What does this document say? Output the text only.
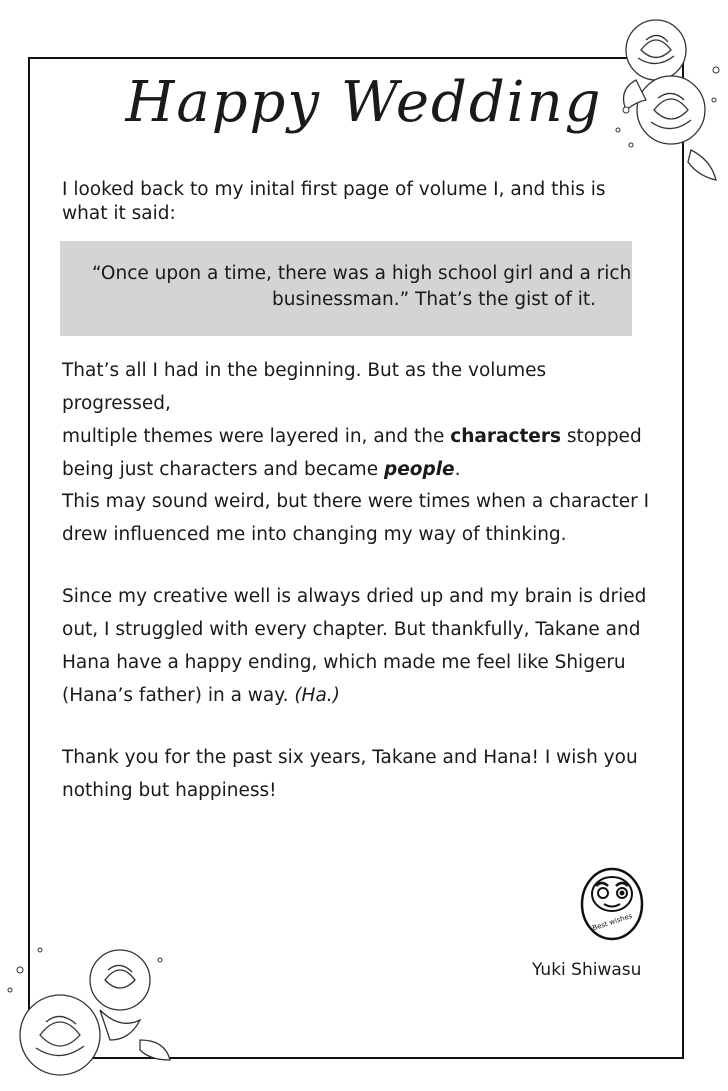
Happy Wedding

I looked back to my inital first page of volume I, and this is
what it said:

“Once upon a time, there was a high school girl and a rich
businessman.” That’s the gist of it.

That’s all I had in the beginning. But as the volumes progressed,
multiple themes were layered in, and the characters stopped
being just characters and became people.

This may sound weird, but there were times when a character I
drew influenced me into changing my way of thinking.

Since my creative well is always dried up and my brain is dried
out, I struggled with every chapter. But thankfully, Takane and
Hana have a happy ending, which made me feel like Shigeru
(Hana’s father) in a way. (Ha.)

Thank you for the past six years, Takane and Hana! I wish you
nothing but happiness!

Best wishes
Yuki Shiwasu
